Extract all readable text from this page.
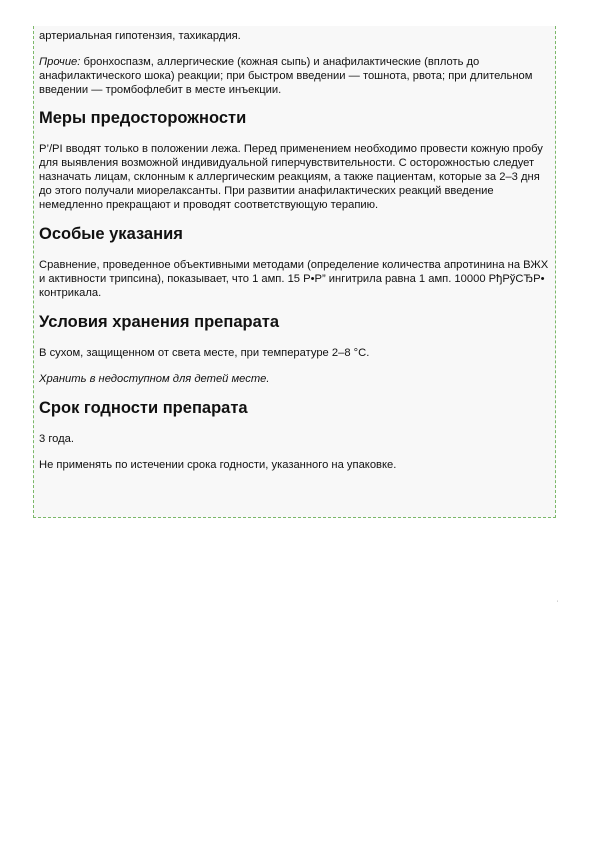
артериальная гипотензия, тахикардия.

Прочие: бронхоспазм, аллергические (кожная сыпь) и анафилактические (вплоть до анафилактического шока) реакции; при быстром введении — тошнота, рвота; при длительном введении — тромбофлебит в месте инъекции.

Меры предосторожности

Р’/РІ вводят только в положении лежа. Перед применением необходимо провести кожную пробу для выявления возможной индивидуальной гиперчувствительности. С осторожностью следует назначать лицам, склонным к аллергическим реакциям, а также пациентам, которые за 2–3 дня до этого получали миорелаксанты. При развитии анафилактических реакций введение немедленно прекращают и проводят соответствующую терапию.

Особые указания

Сравнение, проведенное объективными методами (определение количества апротинина на ВЖХ и активности трипсина), показывает, что 1 амп. 15 Р•Р” ингитрила равна 1 амп. 10000 РђРўСЂР• контрикала.

Условия хранения препарата

В сухом, защищенном от света месте, при температуре 2–8 °С.

Хранить в недоступном для детей месте.

Срок годности препарата

3 года.

Не применять по истечении срока годности, указанного на упаковке.

'
